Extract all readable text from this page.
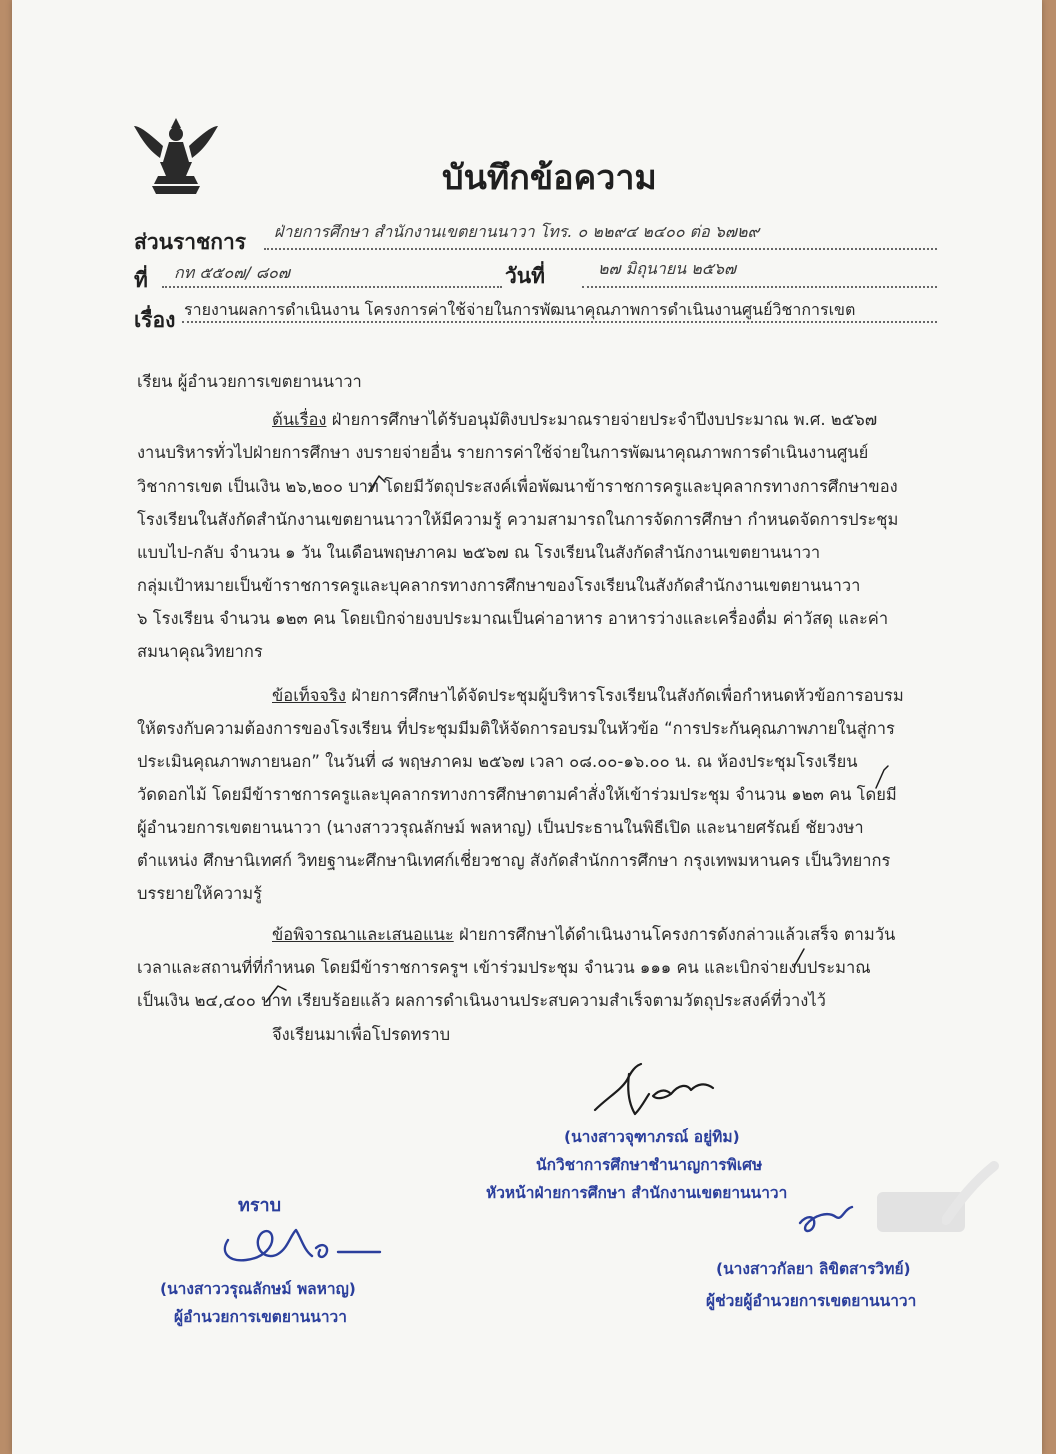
บันทึกข้อความ
ส่วนราชการ ฝ่ายการศึกษา สำนักงานเขตยานนาวา โทร. ๐ ๒๒๙๔ ๒๔๐๐ ต่อ ๖๗๒๙
ที่ กท ๕๕๐๗/ ๘๐๗	วันที่	๒๗ มิถุนายน ๒๕๖๗
เรื่อง รายงานผลการดำเนินงาน โครงการค่าใช้จ่ายในการพัฒนาคุณภาพการดำเนินงานศูนย์วิชาการเขต
เรียน ผู้อำนวยการเขตยานนาวา
ต้นเรื่อง ฝ่ายการศึกษาได้รับอนุมัติงบประมาณรายจ่ายประจำปีงบประมาณ พ.ศ. ๒๕๖๗
งานบริหารทั่วไปฝ่ายการศึกษา งบรายจ่ายอื่น รายการค่าใช้จ่ายในการพัฒนาคุณภาพการดำเนินงานศูนย์
วิชาการเขต เป็นเงิน ๒๖,๒๐๐ บาท โดยมีวัตถุประสงค์เพื่อพัฒนาข้าราชการครูและบุคลากรทางการศึกษาของ
โรงเรียนในสังกัดสำนักงานเขตยานนาวาให้มีความรู้ ความสามารถในการจัดการศึกษา กำหนดจัดการประชุม
แบบไป-กลับ จำนวน ๑ วัน ในเดือนพฤษภาคม ๒๕๖๗ ณ โรงเรียนในสังกัดสำนักงานเขตยานนาวา
กลุ่มเป้าหมายเป็นข้าราชการครูและบุคลากรทางการศึกษาของโรงเรียนในสังกัดสำนักงานเขตยานนาวา
๖ โรงเรียน จำนวน ๑๒๓ คน โดยเบิกจ่ายงบประมาณเป็นค่าอาหาร อาหารว่างและเครื่องดื่ม ค่าวัสดุ และค่า
สมนาคุณวิทยากร
ข้อเท็จจริง ฝ่ายการศึกษาได้จัดประชุมผู้บริหารโรงเรียนในสังกัดเพื่อกำหนดหัวข้อการอบรม
ให้ตรงกับความต้องการของโรงเรียน ที่ประชุมมีมติให้จัดการอบรมในหัวข้อ “การประกันคุณภาพภายในสู่การ
ประเมินคุณภาพภายนอก” ในวันที่ ๘ พฤษภาคม ๒๕๖๗ เวลา ๐๘.๐๐-๑๖.๐๐ น. ณ ห้องประชุมโรงเรียน
วัดดอกไม้ โดยมีข้าราชการครูและบุคลากรทางการศึกษาตามคำสั่งให้เข้าร่วมประชุม จำนวน ๑๒๓ คน โดยมี
ผู้อำนวยการเขตยานนาวา (นางสาววรุณลักษม์ พลหาญ) เป็นประธานในพิธีเปิด และนายศรัณย์ ชัยวงษา
ตำแหน่ง ศึกษานิเทศก์ วิทยฐานะศึกษานิเทศก์เชี่ยวชาญ สังกัดสำนักการศึกษา กรุงเทพมหานคร เป็นวิทยากร
บรรยายให้ความรู้
ข้อพิจารณาและเสนอแนะ ฝ่ายการศึกษาได้ดำเนินงานโครงการดังกล่าวแล้วเสร็จ ตามวัน
เวลาและสถานที่ที่กำหนด โดยมีข้าราชการครูฯ เข้าร่วมประชุม จำนวน ๑๑๑ คน และเบิกจ่ายงบประมาณ
เป็นเงิน ๒๔,๔๐๐ บาท เรียบร้อยแล้ว ผลการดำเนินงานประสบความสำเร็จตามวัตถุประสงค์ที่วางไว้
จึงเรียนมาเพื่อโปรดทราบ
(นางสาวจุฑาภรณ์ อยู่ทิม)
นักวิชาการศึกษาชำนาญการพิเศษ
หัวหน้าฝ่ายการศึกษา สำนักงานเขตยานนาวา
ทราบ
(นางสาววรุณลักษม์ พลหาญ)
ผู้อำนวยการเขตยานนาวา
(นางสาวกัลยา ลิขิตสารวิทย์)
ผู้ช่วยผู้อำนวยการเขตยานนาวา
